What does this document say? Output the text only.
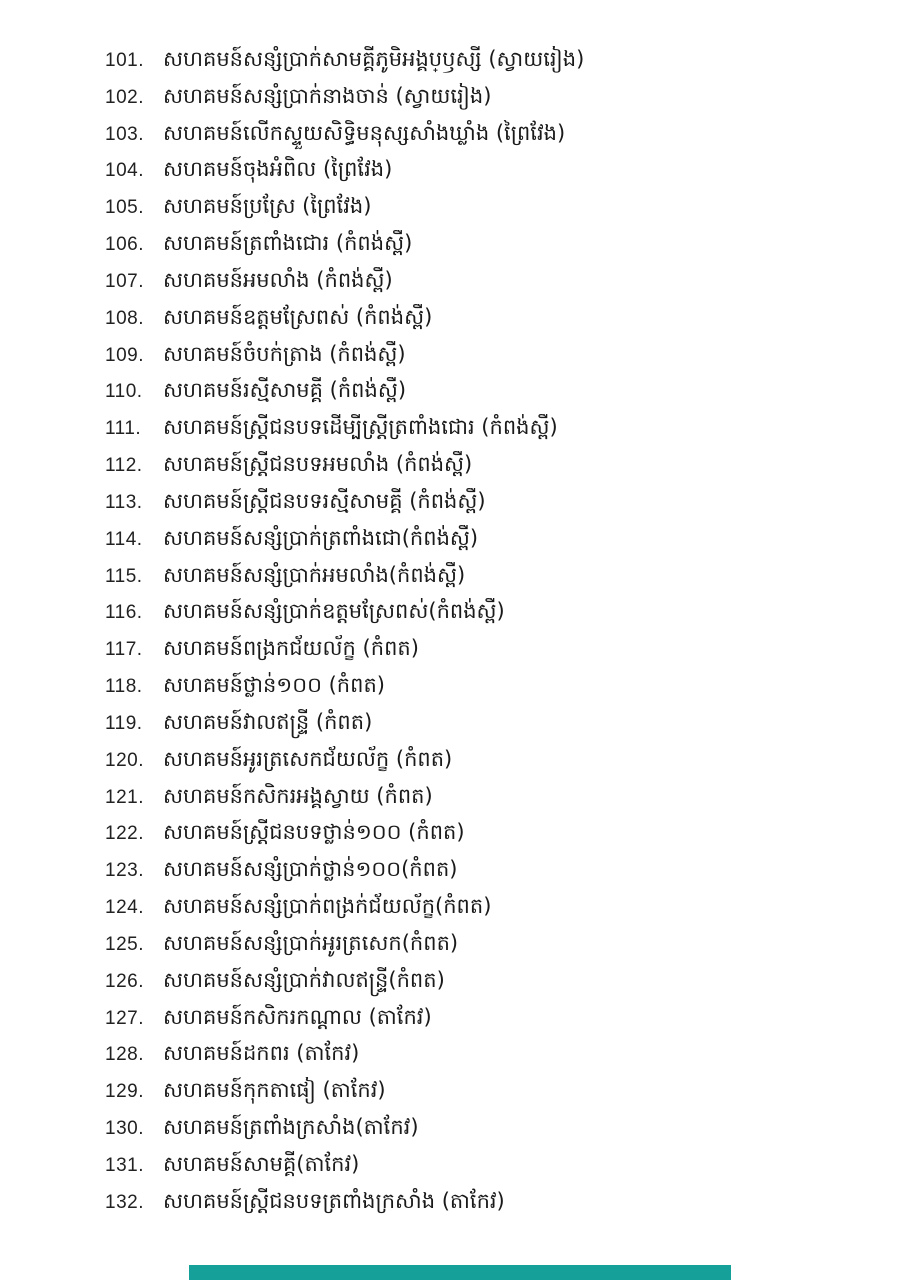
101. សហគមន៍សន្សំប្រាក់សាមគ្គីភូមិអង្គប្ឫស្សី (ស្វាយរៀង)
102. សហគមន៍សន្សំប្រាក់នាងចាន់ (ស្វាយរៀង)
103. សហគមន៍លើកស្ទួយសិទ្ធិមនុស្សសាំងឃ្លាំង (ព្រៃវែង)
104. សហគមន៍ចុងអំពិល (ព្រៃវែង)
105. សហគមន៍ប្រស្រែ (ព្រៃវែង)
106. សហគមន៍ត្រពាំងជោរ (កំពង់ស្ពឺ)
107. សហគមន៍អមលាំង (កំពង់ស្ពឺ)
108. សហគមន៍ឧត្តមស្រែពស់ (កំពង់ស្ពឺ)
109. សហគមន៍ចំបក់ត្រាង (កំពង់ស្ពឺ)
110. សហគមន៍រស្មីសាមគ្គី (កំពង់ស្ពឺ)
111.	សហគមន៍ស្ត្រីជនបទដើម្បីស្ត្រីត្រពាំងជោរ (កំពង់ស្ពឺ)
112. សហគមន៍ស្ត្រីជនបទអមលាំង (កំពង់ស្ពឺ)
113. សហគមន៍ស្ត្រីជនបទរស្មីសាមគ្គី (កំពង់ស្ពឺ)
114. សហគមន៍សន្សំប្រាក់ត្រពាំងជោ(កំពង់ស្ពឺ)
115. សហគមន៍សន្សំប្រាក់អមលាំង(កំពង់ស្ពឺ)
116. សហគមន៍សន្សំប្រាក់ឧត្តមស្រែពស់(កំពង់ស្ពឺ)
117. សហគមន៍ពង្រកជ័យល័ក្ខ (កំពត)
118. សហគមន៍ថ្លាន់១០០ (កំពត)
119. សហគមន៍វាលឥន្ទ្រី (កំពត)
120. សហគមន៍អូរត្រសេកជ័យល័ក្ខ (កំពត)
121. សហគមន៍កសិករអង្គស្វាយ (កំពត)
122. សហគមន៍ស្ត្រីជនបទថ្លាន់១០០ (កំពត)
123. សហគមន៍សន្សំប្រាក់ថ្លាន់១០០(កំពត)
124. សហគមន៍សន្សំប្រាក់ពង្រក់ជ័យល័ក្ខ(កំពត)
125. សហគមន៍សន្សំប្រាក់អូរត្រសេក(កំពត)
126. សហគមន៍សន្សំប្រាក់វាលឥន្ទ្រី(កំពត)
127. សហគមន៍កសិករកណ្ដាល (តាកែវ)
128. សហគមន៍ដកពរ (តាកែវ)
129. សហគមន៍កុកតាផៀ (តាកែវ)
130. សហគមន៍ត្រពាំងក្រសាំង(តាកែវ)
131. សហគមន៍សាមគ្គី(តាកែវ)
132. សហគមន៍ស្ត្រីជនបទត្រពាំងក្រសាំង (តាកែវ)
